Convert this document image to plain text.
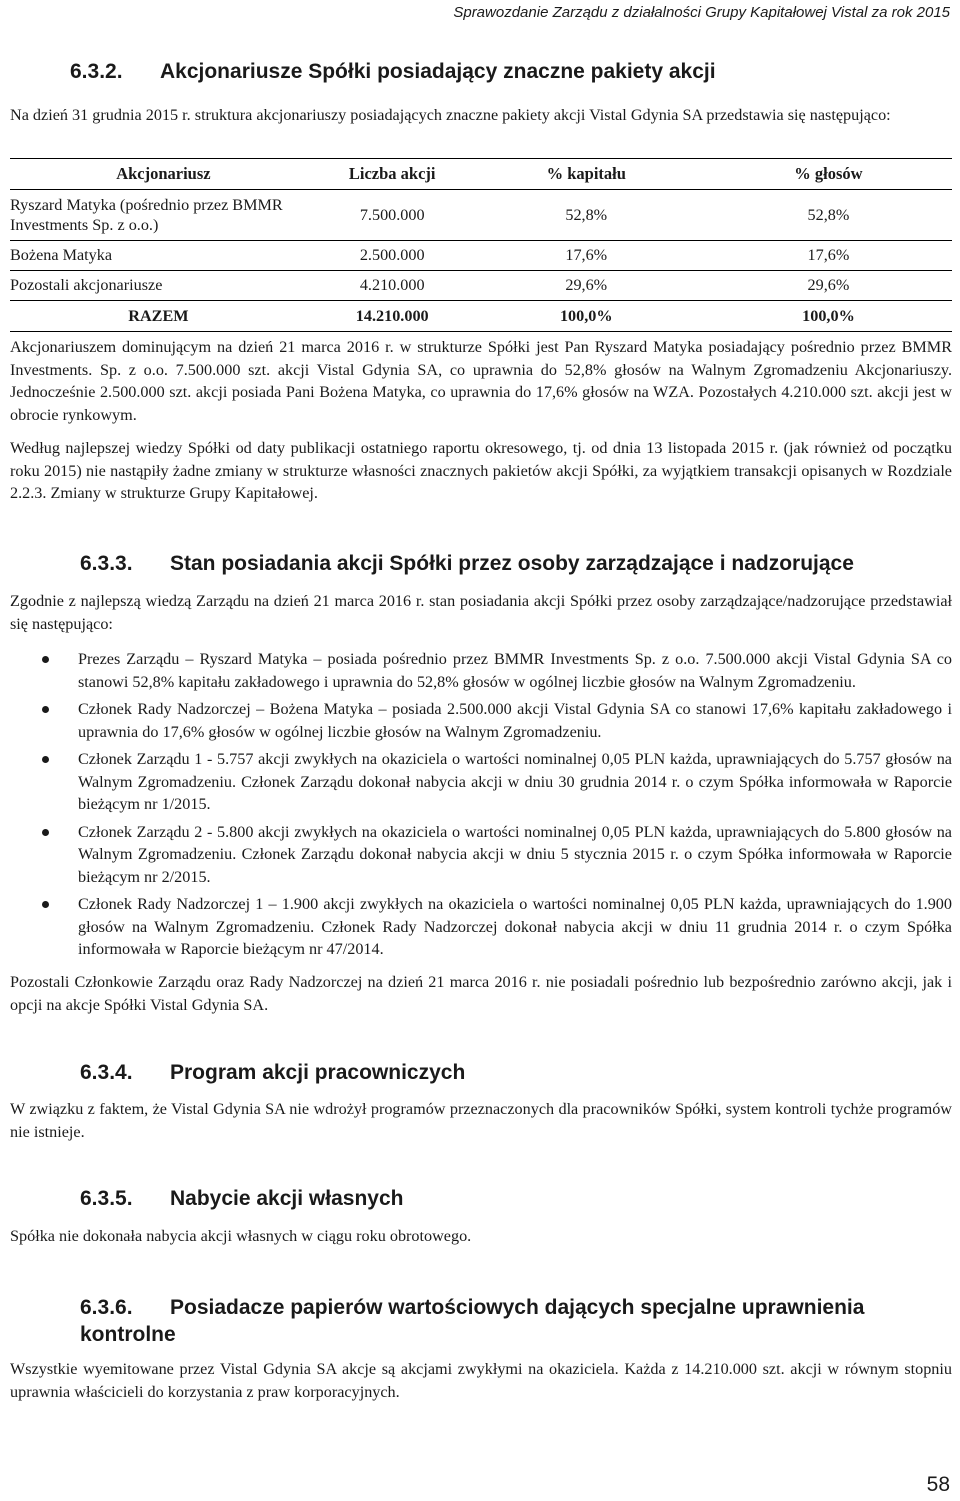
Sprawozdanie Zarządu z działalności Grupy Kapitałowej Vistal za rok 2015
6.3.2. Akcjonariusze Spółki posiadający znaczne pakiety akcji
Na dzień 31 grudnia 2015 r. struktura akcjonariuszy posiadających znaczne pakiety akcji Vistal Gdynia SA przedstawia się następująco:
Akcjonariusz	Liczba akcji	% kapitału	% głosów
Ryszard Matyka (pośrednio przez BMMR Investments Sp. z o.o.)	7.500.000	52,8%	52,8%
Bożena Matyka	2.500.000	17,6%	17,6%
Pozostali akcjonariusze	4.210.000	29,6%	29,6%
RAZEM	14.210.000	100,0%	100,0%
Akcjonariuszem dominującym na dzień 21 marca 2016 r. w strukturze Spółki jest Pan Ryszard Matyka posiadający pośrednio przez BMMR Investments. Sp. z o.o. 7.500.000 szt. akcji Vistal Gdynia SA, co uprawnia do 52,8% głosów na Walnym Zgromadzeniu Akcjonariuszy. Jednocześnie 2.500.000 szt. akcji posiada Pani Bożena Matyka, co uprawnia do 17,6% głosów na WZA. Pozostałych 4.210.000 szt. akcji jest w obrocie rynkowym.
Według najlepszej wiedzy Spółki od daty publikacji ostatniego raportu okresowego, tj. od dnia 13 listopada 2015 r. (jak również od początku roku 2015) nie nastąpiły żadne zmiany w strukturze własności znacznych pakietów akcji Spółki, za wyjątkiem transakcji opisanych w Rozdziale 2.2.3. Zmiany w strukturze Grupy Kapitałowej.
6.3.3. Stan posiadania akcji Spółki przez osoby zarządzające i nadzorujące
Zgodnie z najlepszą wiedzą Zarządu na dzień 21 marca 2016 r. stan posiadania akcji Spółki przez osoby zarządzające/nadzorujące przedstawiał się następująco:
Prezes Zarządu – Ryszard Matyka – posiada pośrednio przez BMMR Investments Sp. z o.o. 7.500.000 akcji Vistal Gdynia SA co stanowi 52,8% kapitału zakładowego i uprawnia do 52,8% głosów w ogólnej liczbie głosów na Walnym Zgromadzeniu.
Członek Rady Nadzorczej – Bożena Matyka – posiada 2.500.000 akcji Vistal Gdynia SA co stanowi 17,6% kapitału zakładowego i uprawnia do 17,6% głosów w ogólnej liczbie głosów na Walnym Zgromadzeniu.
Członek Zarządu 1 - 5.757 akcji zwykłych na okaziciela o wartości nominalnej 0,05 PLN każda, uprawniających do 5.757 głosów na Walnym Zgromadzeniu. Członek Zarządu dokonał nabycia akcji w dniu 30 grudnia 2014 r. o czym Spółka informowała w Raporcie bieżącym nr 1/2015.
Członek Zarządu 2 - 5.800 akcji zwykłych na okaziciela o wartości nominalnej 0,05 PLN każda, uprawniających do 5.800 głosów na Walnym Zgromadzeniu. Członek Zarządu dokonał nabycia akcji w dniu 5 stycznia 2015 r. o czym Spółka informowała w Raporcie bieżącym nr 2/2015.
Członek Rady Nadzorczej 1 – 1.900 akcji zwykłych na okaziciela o wartości nominalnej 0,05 PLN każda, uprawniających do 1.900 głosów na Walnym Zgromadzeniu. Członek Rady Nadzorczej dokonał nabycia akcji w dniu 11 grudnia 2014 r. o czym Spółka informowała w Raporcie bieżącym nr 47/2014.
Pozostali Członkowie Zarządu oraz Rady Nadzorczej na dzień 21 marca 2016 r. nie posiadali pośrednio lub bezpośrednio zarówno akcji, jak i opcji na akcje Spółki Vistal Gdynia SA.
6.3.4. Program akcji pracowniczych
W związku z faktem, że Vistal Gdynia SA nie wdrożył programów przeznaczonych dla pracowników Spółki, system kontroli tychże programów nie istnieje.
6.3.5. Nabycie akcji własnych
Spółka nie dokonała nabycia akcji własnych w ciągu roku obrotowego.
6.3.6. Posiadacze papierów wartościowych dających specjalne uprawnienia kontrolne
Wszystkie wyemitowane przez Vistal Gdynia SA akcje są akcjami zwykłymi na okaziciela. Każda z 14.210.000 szt. akcji w równym stopniu uprawnia właścicieli do korzystania z praw korporacyjnych.
58
